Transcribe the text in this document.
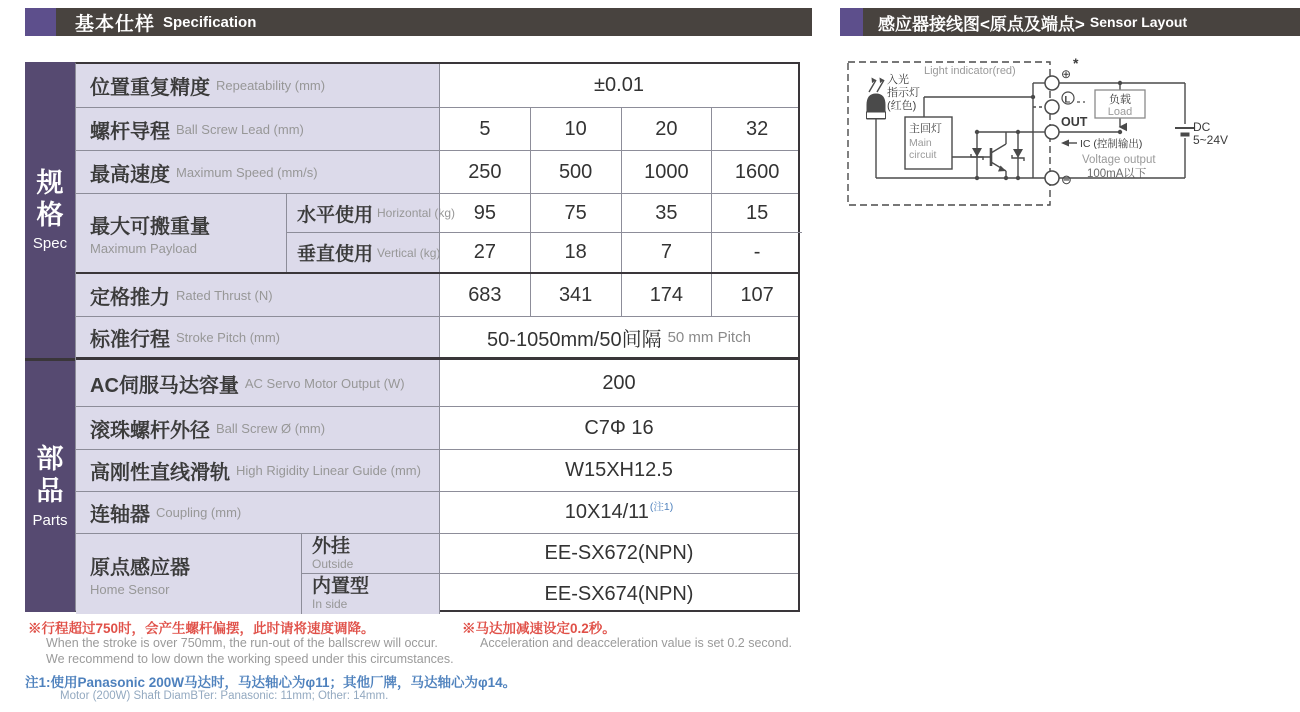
基本仕样 Specification	感应器接线图<原点及端点> Sensor Layout
规格
Spec
部品
Parts
位置重复精度 Repeatability (mm)	±0.01
螺杆导程 Ball Screw Lead (mm)	5	10	20	32
最高速度 Maximum Speed (mm/s)	250	500	1000	1600
最大可搬重量
Maximum Payload
水平使用 Horizontal (kg) 95	75	35	15
垂直使用 Vertical (kg)	27	18	7	-
定格推力 Rated Thrust (N)	683	341	174	107
标准行程 Stroke Pitch (mm)	50-1050mm/50间隔 50 mm Pitch
AC伺服马达容量 AC Servo Motor Output (W)	200
滚珠螺杆外径 Ball Screw Ø (mm)	C7Φ 16
高刚性直线滑轨 High Rigidity Linear Guide (mm)	W15XH12.5
连轴器 Coupling (mm)	$10X14/11^{(注1)}$
原点感应器
Home Sensor
外挂
Outside	EE-SX672(NPN)
内置型
In side	EE-SX674(NPN)
※行程超过750时，会产生螺杆偏摆，此时请将速度调降。
When the stroke is over 750mm, the run-out of the ballscrew will occur.
We recommend to low down the working speed under this circumstances.
※马达加减速设定0.2秒。
Acceleration and deacceleration value is set 0.2 second.
注1:使用Panasonic 200W马达时，马达轴心为φ11；其他厂牌，马达轴心为φ14。
Motor (200W) Shaft DiamBTer: Panasonic: 11mm; Other: 14mm.
入光
指示灯
(红色)
Light indicator(red)
主回灯
Main
circuit
⊕
*
L
OUT
⊖
IC (控制输出)
Voltage output
100mA以下
负载
Load
DC
5~24V
